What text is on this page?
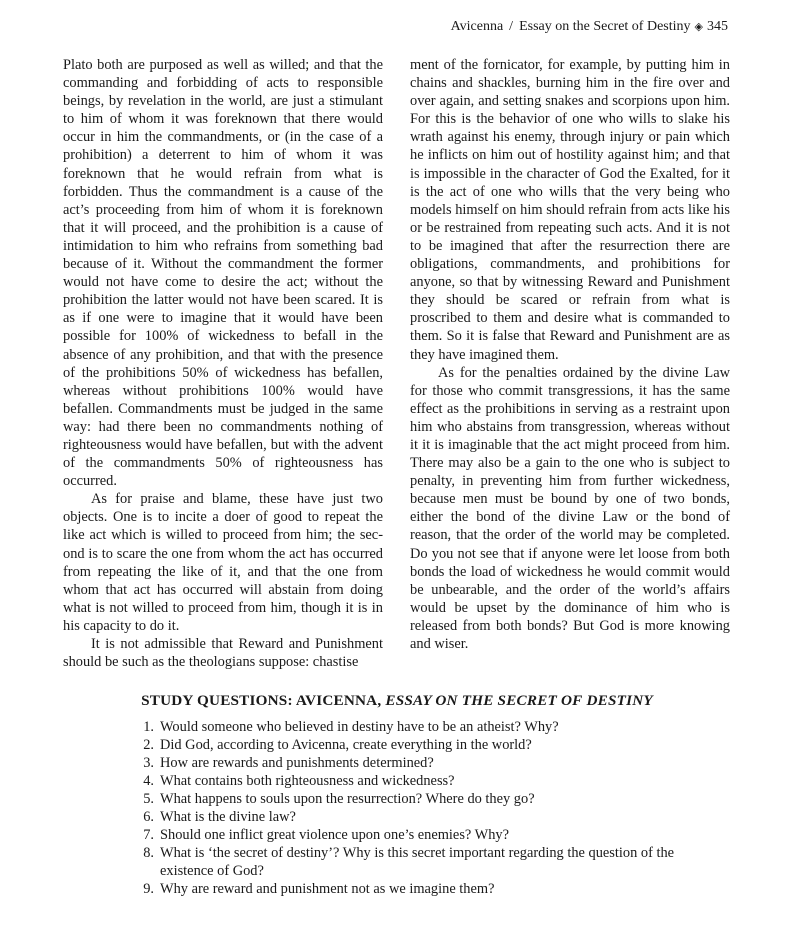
Avicenna / Essay on the Secret of Destiny ◈ 345

Plato both are purposed as well as willed; and that the commanding and forbidding of acts to responsible beings, by revelation in the world, are just a stimulant to him of whom it was foreknown that there would occur in him the commandments, or (in the case of a prohibition) a deterrent to him of whom it was foreknown that he would refrain from what is forbidden. Thus the commandment is a cause of the act’s proceeding from him of whom it is foreknown that it will proceed, and the prohibition is a cause of intimidation to him who refrains from something bad because of it. Without the commandment the former would not have come to desire the act; without the prohibition the latter would not have been scared. It is as if one were to imagine that it would have been possible for 100% of wickedness to befall in the absence of any prohibition, and that with the presence of the prohibitions 50% of wickedness has befallen, whereas without prohibitions 100% would have befallen. Commandments must be judged in the same way: had there been no commandments nothing of righteousness would have befallen, but with the advent of the commandments 50% of righteousness has occurred.

As for praise and blame, these have just two objects. One is to incite a doer of good to repeat the like act which is willed to proceed from him; the second is to scare the one from whom the act has occurred from repeating the like of it, and that the one from whom that act has occurred will abstain from doing what is not willed to proceed from him, though it is in his capacity to do it.

It is not admissible that Reward and Punishment should be such as the theologians suppose: chastise

ment of the fornicator, for example, by putting him in chains and shackles, burning him in the fire over and over again, and setting snakes and scorpions upon him. For this is the behavior of one who wills to slake his wrath against his enemy, through injury or pain which he inflicts on him out of hostility against him; and that is impossible in the character of God the Exalted, for it is the act of one who wills that the very being who models himself on him should refrain from acts like his or be restrained from repeating such acts. And it is not to be imagined that after the resurrection there are obligations, commandments, and prohibitions for anyone, so that by witnessing Reward and Punishment they should be scared or refrain from what is proscribed to them and desire what is commanded to them. So it is false that Reward and Punishment are as they have imagined them.

As for the penalties ordained by the divine Law for those who commit transgressions, it has the same effect as the prohibitions in serving as a restraint upon him who abstains from transgression, whereas without it it is imaginable that the act might proceed from him. There may also be a gain to the one who is subject to penalty, in preventing him from further wickedness, because men must be bound by one of two bonds, either the bond of the divine Law or the bond of reason, that the order of the world may be completed. Do you not see that if anyone were let loose from both bonds the load of wickedness he would commit would be unbearable, and the order of the world’s affairs would be upset by the dominance of him who is released from both bonds? But God is more knowing and wiser.

STUDY QUESTIONS: AVICENNA, ESSAY ON THE SECRET OF DESTINY
1. Would someone who believed in destiny have to be an atheist? Why?
2. Did God, according to Avicenna, create everything in the world?
3. How are rewards and punishments determined?
4. What contains both righteousness and wickedness?
5. What happens to souls upon the resurrection? Where do they go?
6. What is the divine law?
7. Should one inflict great violence upon one’s enemies? Why?
8. What is ‘the secret of destiny’? Why is this secret important regarding the question of the existence of God?
9. Why are reward and punishment not as we imagine them?
